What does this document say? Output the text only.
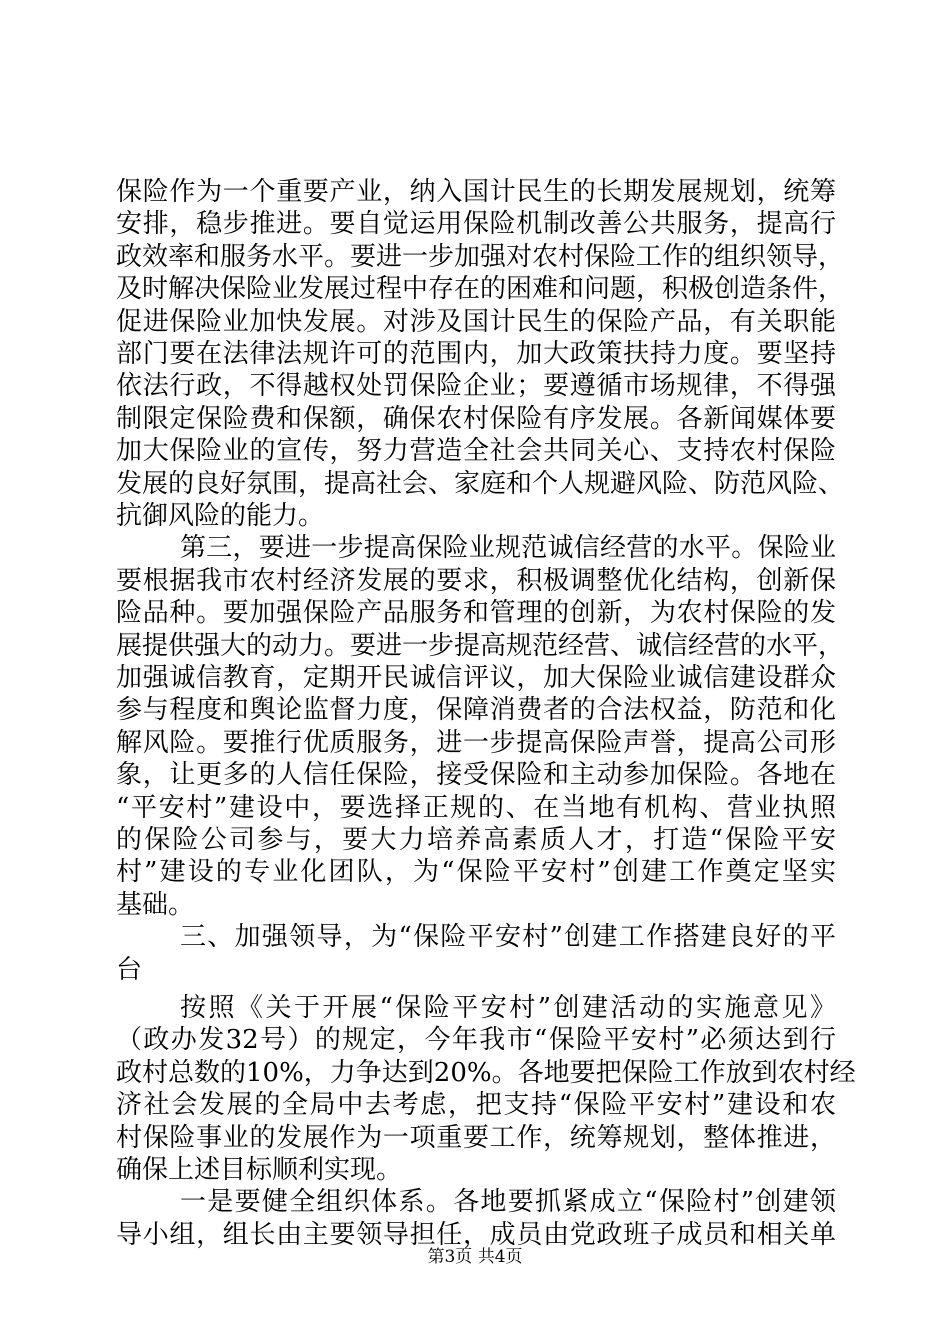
保险作为一个重要产业，纳入国计民生的长期发展规划，统筹
安排，稳步推进。要自觉运用保险机制改善公共服务，提高行
政效率和服务水平。要进一步加强对农村保险工作的组织领导，
及时解决保险业发展过程中存在的困难和问题，积极创造条件，
促进保险业加快发展。对涉及国计民生的保险产品，有关职能
部门要在法律法规许可的范围内，加大政策扶持力度。要坚持
依法行政，不得越权处罚保险企业；要遵循市场规律，不得强
制限定保险费和保额，确保农村保险有序发展。各新闻媒体要
加大保险业的宣传，努力营造全社会共同关心、支持农村保险
发展的良好氛围，提高社会、家庭和个人规避风险、防范风险、
抗御风险的能力。
第三，要进一步提高保险业规范诚信经营的水平。保险业
要根据我市农村经济发展的要求，积极调整优化结构，创新保
险品种。要加强保险产品服务和管理的创新，为农村保险的发
展提供强大的动力。要进一步提高规范经营、诚信经营的水平，
加强诚信教育，定期开民诚信评议，加大保险业诚信建设群众
参与程度和舆论监督力度，保障消费者的合法权益，防范和化
解风险。要推行优质服务，进一步提高保险声誉，提高公司形
象，让更多的人信任保险，接受保险和主动参加保险。各地在
“平安村”建设中，要选择正规的、在当地有机构、营业执照
的保险公司参与，要大力培养高素质人才，打造“保险平安
村”建设的专业化团队，为“保险平安村”创建工作奠定坚实
基础。
三、加强领导，为“保险平安村”创建工作搭建良好的平
台
按照《关于开展“保险平安村”创建活动的实施意见》
（政办发32号）的规定，今年我市“保险平安村”必须达到行
政村总数的10%，力争达到20%。各地要把保险工作放到农村经
济社会发展的全局中去考虑，把支持“保险平安村”建设和农
村保险事业的发展作为一项重要工作，统筹规划，整体推进，
确保上述目标顺利实现。
一是要健全组织体系。各地要抓紧成立“保险村”创建领
导小组，组长由主要领导担任，成员由党政班子成员和相关单
第3页 共4页
